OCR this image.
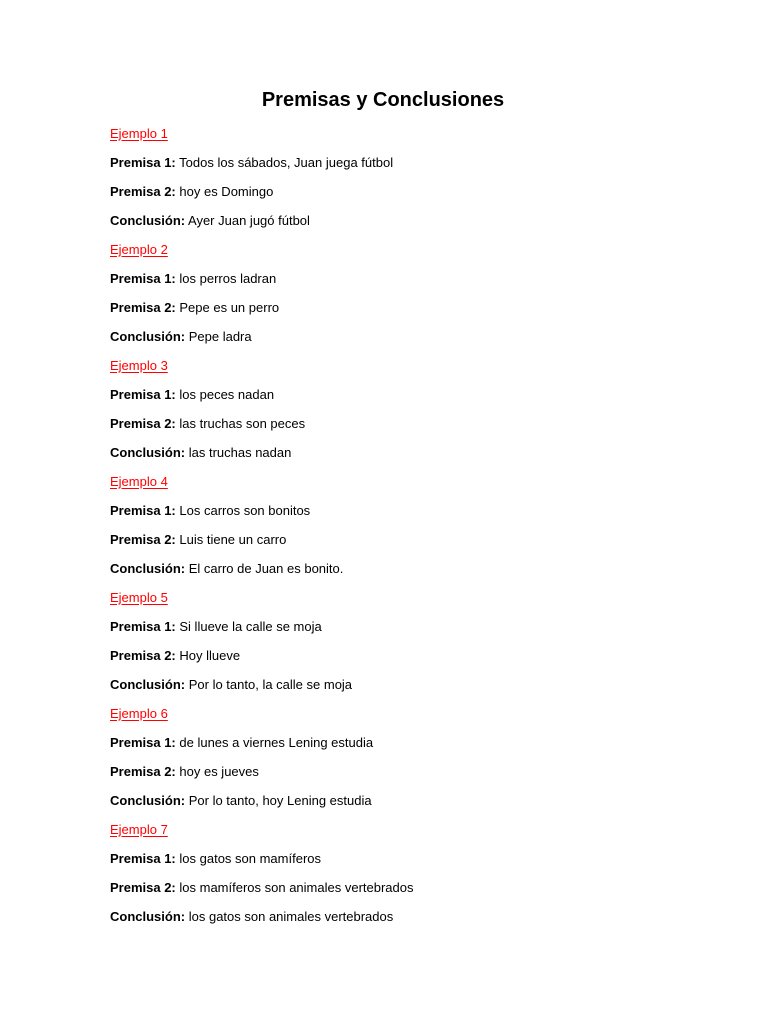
Premisas y Conclusiones
Ejemplo 1
Premisa 1: Todos los sábados, Juan juega fútbol
Premisa 2: hoy es Domingo
Conclusión: Ayer Juan jugó fútbol
Ejemplo 2
Premisa 1: los perros ladran
Premisa 2: Pepe es un perro
Conclusión: Pepe ladra
Ejemplo 3
Premisa 1: los peces nadan
Premisa 2: las truchas son peces
Conclusión: las truchas nadan
Ejemplo 4
Premisa 1: Los carros son bonitos
Premisa 2: Luis tiene un carro
Conclusión: El carro de Juan es bonito.
Ejemplo 5
Premisa 1: Si llueve la calle se moja
Premisa 2: Hoy llueve
Conclusión: Por lo tanto, la calle se moja
Ejemplo 6
Premisa 1: de lunes a viernes Lening estudia
Premisa 2: hoy es jueves
Conclusión: Por lo tanto, hoy Lening estudia
Ejemplo 7
Premisa 1: los gatos son mamíferos
Premisa 2: los mamíferos son animales vertebrados
Conclusión: los gatos son animales vertebrados
